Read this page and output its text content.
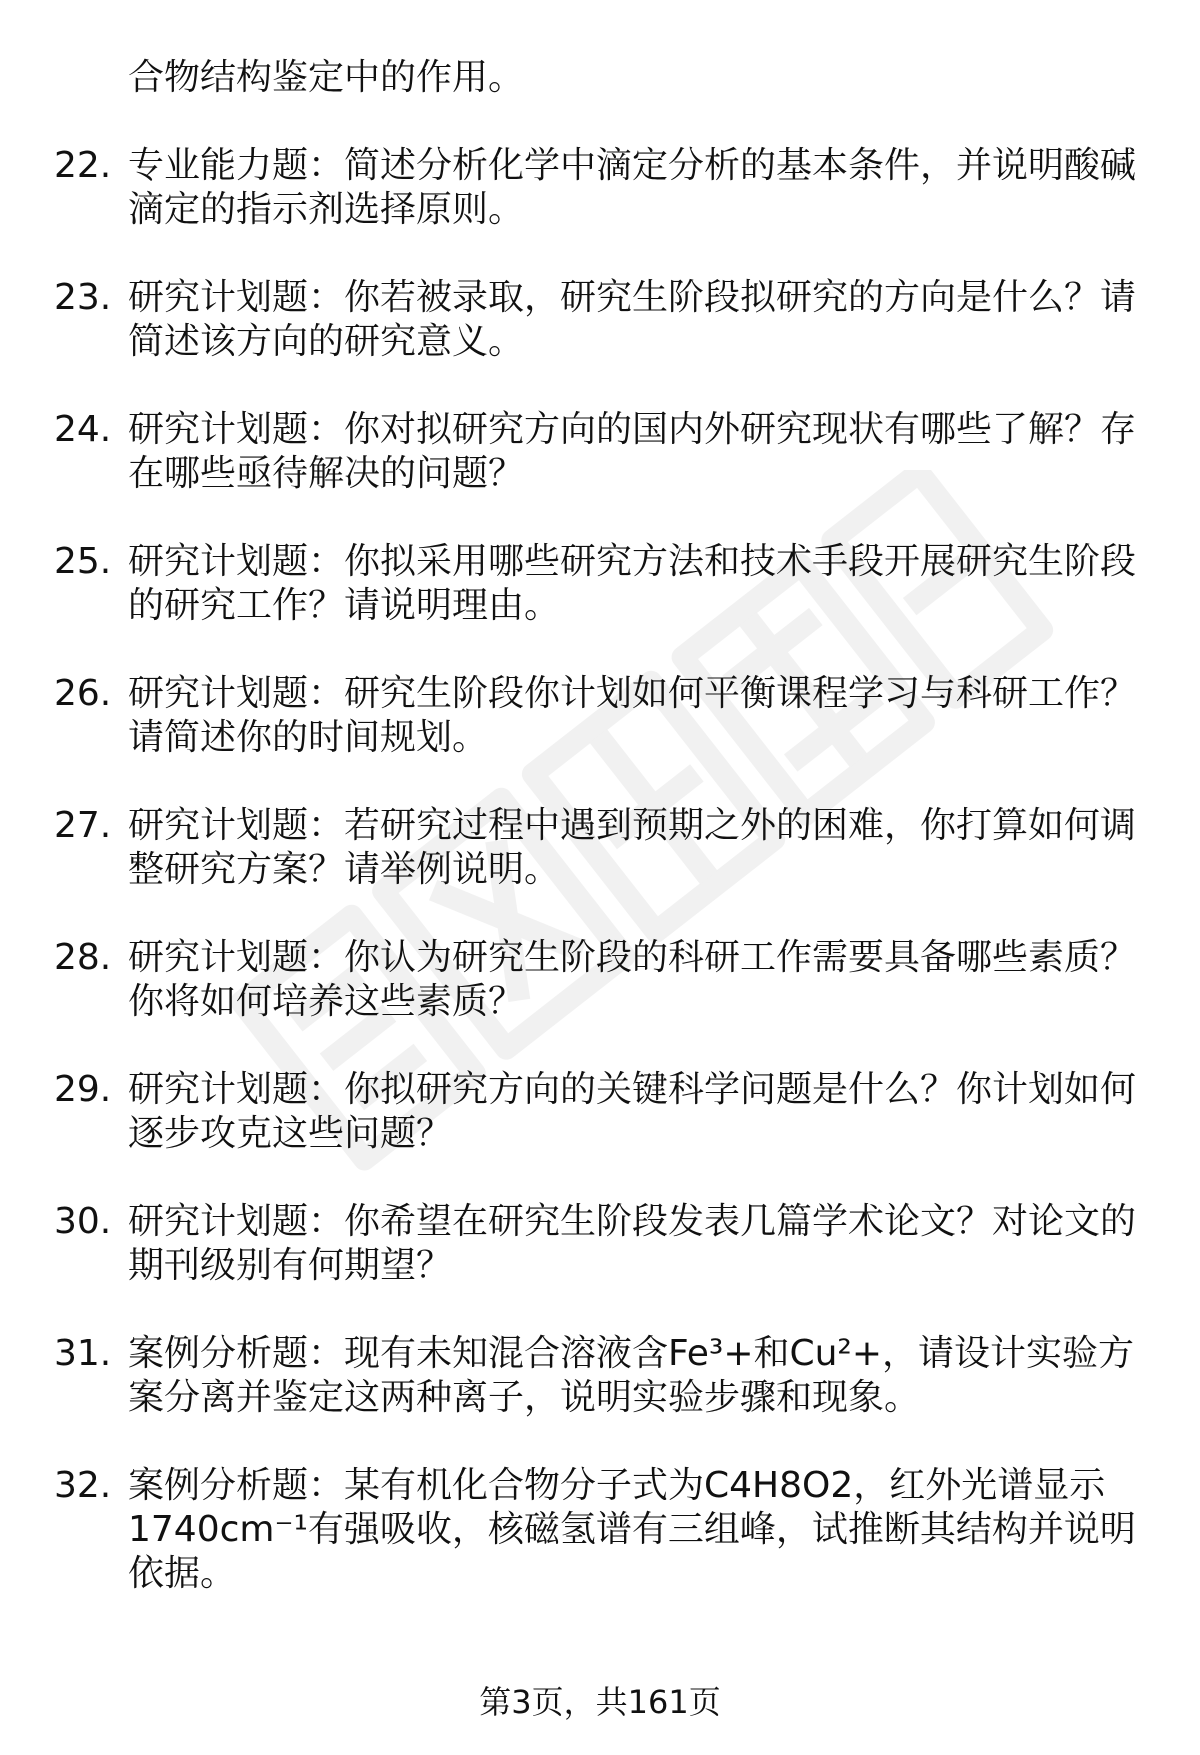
合物结构鉴定中的作用。
22. 专业能力题：简述分析化学中滴定分析的基本条件，并说明酸碱
滴定的指示剂选择原则。
23. 研究计划题：你若被录取，研究生阶段拟研究的方向是什么？请
简述该方向的研究意义。
24. 研究计划题：你对拟研究方向的国内外研究现状有哪些了解？存
在哪些亟待解决的问题？
25. 研究计划题：你拟采用哪些研究方法和技术手段开展研究生阶段
的研究工作？请说明理由。
26. 研究计划题：研究生阶段你计划如何平衡课程学习与科研工作？
请简述你的时间规划。
27. 研究计划题：若研究过程中遇到预期之外的困难，你打算如何调
整研究方案？请举例说明。
28. 研究计划题：你认为研究生阶段的科研工作需要具备哪些素质？
你将如何培养这些素质？
29. 研究计划题：你拟研究方向的关键科学问题是什么？你计划如何
逐步攻克这些问题？
30. 研究计划题：你希望在研究生阶段发表几篇学术论文？对论文的
期刊级别有何期望？
31. 案例分析题：现有未知混合溶液含Fe³+和Cu²+，请设计实验方
案分离并鉴定这两种离子，说明实验步骤和现象。
32. 案例分析题：某有机化合物分子式为C4H8O2，红外光谱显示
1740cm⁻¹有强吸收，核磁氢谱有三组峰，试推断其结构并说明
依据。
第3页，共161页
